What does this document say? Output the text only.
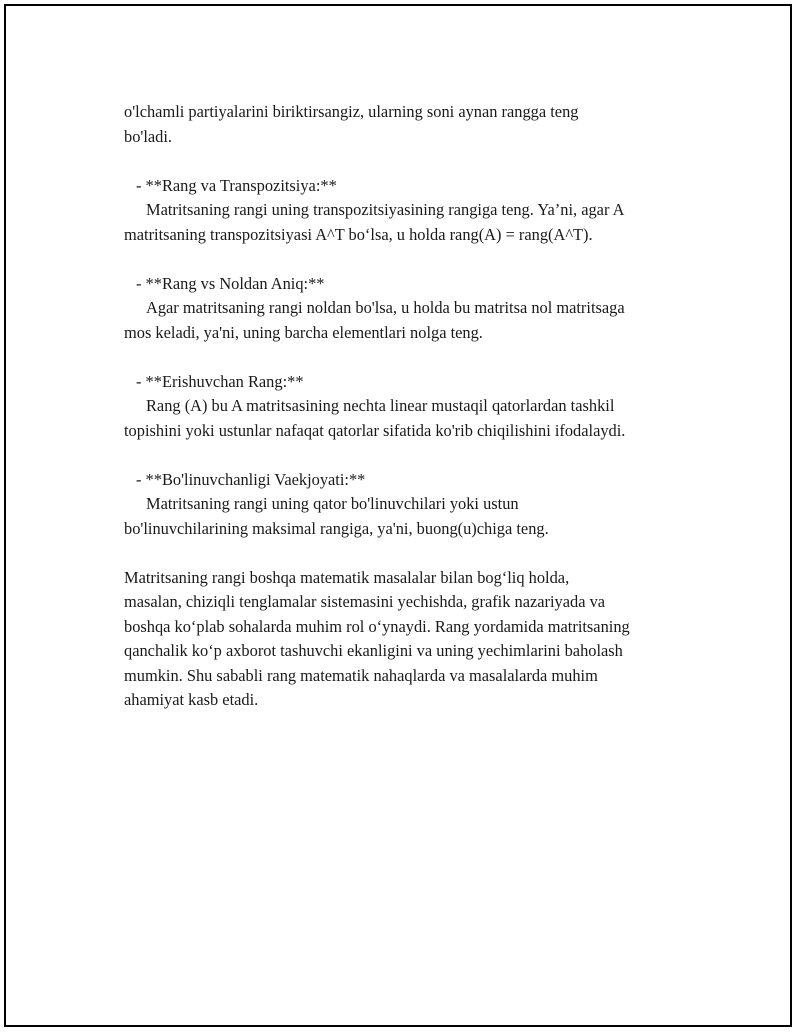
o'lchamli partiyalarini biriktirsangiz, ularning soni aynan rangga teng
bo'ladi.
- **Rang va Transpozitsiya:**
Matritsaning rangi uning transpozitsiyasining rangiga teng. Ya’ni, agar A
matritsaning transpozitsiyasi A^T bo‘lsa, u holda rang(A) = rang(A^T).
- **Rang vs Noldan Aniq:**
Agar matritsaning rangi noldan bo'lsa, u holda bu matritsa nol matritsaga
mos keladi, ya'ni, uning barcha elementlari nolga teng.
- **Erishuvchan Rang:**
Rang (A) bu A matritsasining nechta linear mustaqil qatorlardan tashkil
topishini yoki ustunlar nafaqat qatorlar sifatida ko'rib chiqilishini ifodalaydi.
- **Bo'linuvchanligi Vaekjoyati:**
Matritsaning rangi uning qator bo'linuvchilari yoki ustun
bo'linuvchilarining maksimal rangiga, ya'ni, buong(u)chiga teng.
Matritsaning rangi boshqa matematik masalalar bilan bog‘liq holda,
masalan, chiziqli tenglamalar sistemasini yechishda, grafik nazariyada va
boshqa ko‘plab sohalarda muhim rol o‘ynaydi. Rang yordamida matritsaning
qanchalik ko‘p axborot tashuvchi ekanligini va uning yechimlarini baholash
mumkin. Shu sababli rang matematik nahaqlarda va masalalarda muhim
ahamiyat kasb etadi.
